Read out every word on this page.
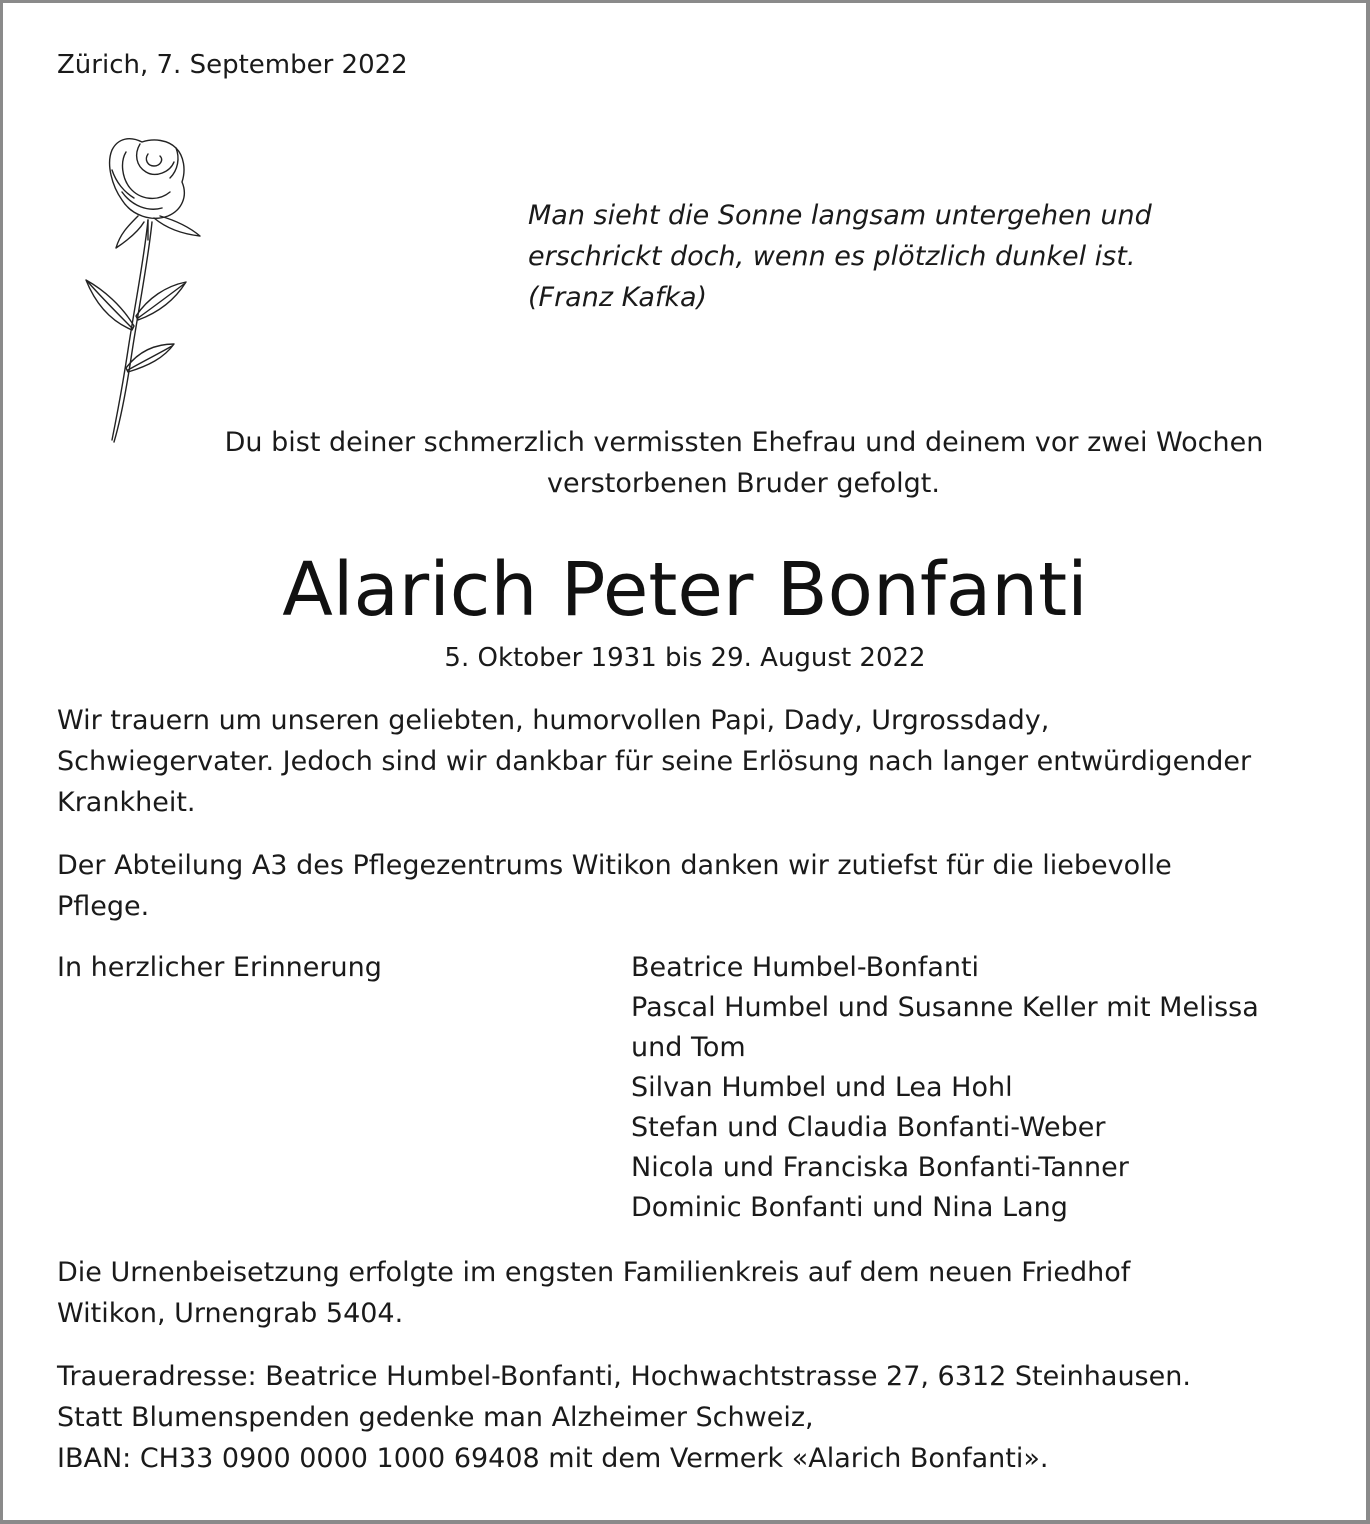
Zürich, 7. September 2022
Man sieht die Sonne langsam untergehen und
erschrickt doch, wenn es plötzlich dunkel ist.
(Franz Kafka)
Du bist deiner schmerzlich vermissten Ehefrau und deinem vor zwei Wochen
verstorbenen Bruder gefolgt.
Alarich Peter Bonfanti
5. Oktober 1931 bis 29. August 2022
Wir trauern um unseren geliebten, humorvollen Papi, Dady, Urgrossdady,
Schwiegervater. Jedoch sind wir dankbar für seine Erlösung nach langer entwürdigender
Krankheit.
Der Abteilung A3 des Pflegezentrums Witikon danken wir zutiefst für die liebevolle
Pflege.
In herzlicher Erinnerung	Beatrice Humbel-Bonfanti
Pascal Humbel und Susanne Keller mit Melissa
und Tom
Silvan Humbel und Lea Hohl
Stefan und Claudia Bonfanti-Weber
Nicola und Franciska Bonfanti-Tanner
Dominic Bonfanti und Nina Lang
Die Urnenbeisetzung erfolgte im engsten Familienkreis auf dem neuen Friedhof
Witikon, Urnengrab 5404.
Traueradresse: Beatrice Humbel-Bonfanti, Hochwachtstrasse 27, 6312 Steinhausen.
Statt Blumenspenden gedenke man Alzheimer Schweiz,
IBAN: CH33 0900 0000 1000 69408 mit dem Vermerk «Alarich Bonfanti».
